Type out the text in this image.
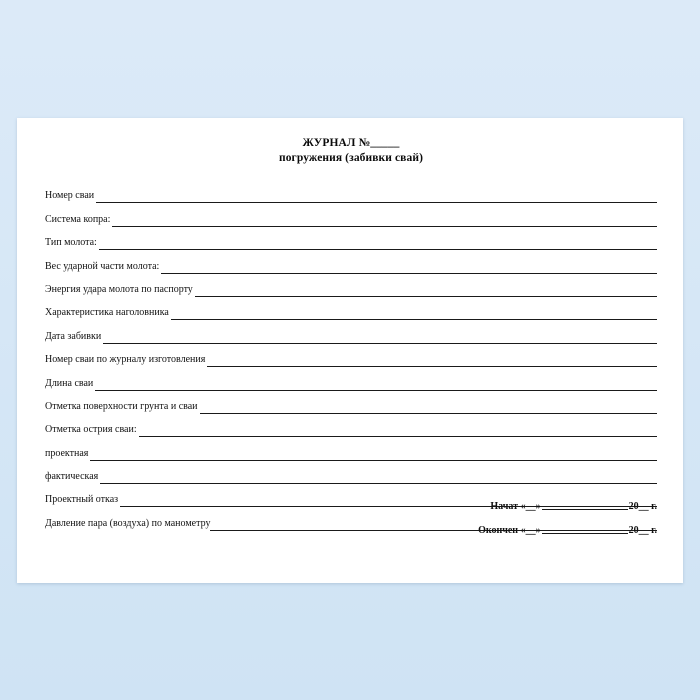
ЖУРНАЛ №_____
погружения (забивки свай)
Номер сваи
Система копра:
Тип молота:
Вес ударной части молота:
Энергия удара молота по паспорту
Характеристика наголовника
Дата забивки
Номер сваи по журналу изготовления
Длина сваи
Отметка поверхности грунта и сваи
Отметка острия сваи:
проектная
фактическая
Проектный отказ
Давление пара (воздуха) по манометру
Начат «__»	20__ г.
Окончен «__»	20__ г.
